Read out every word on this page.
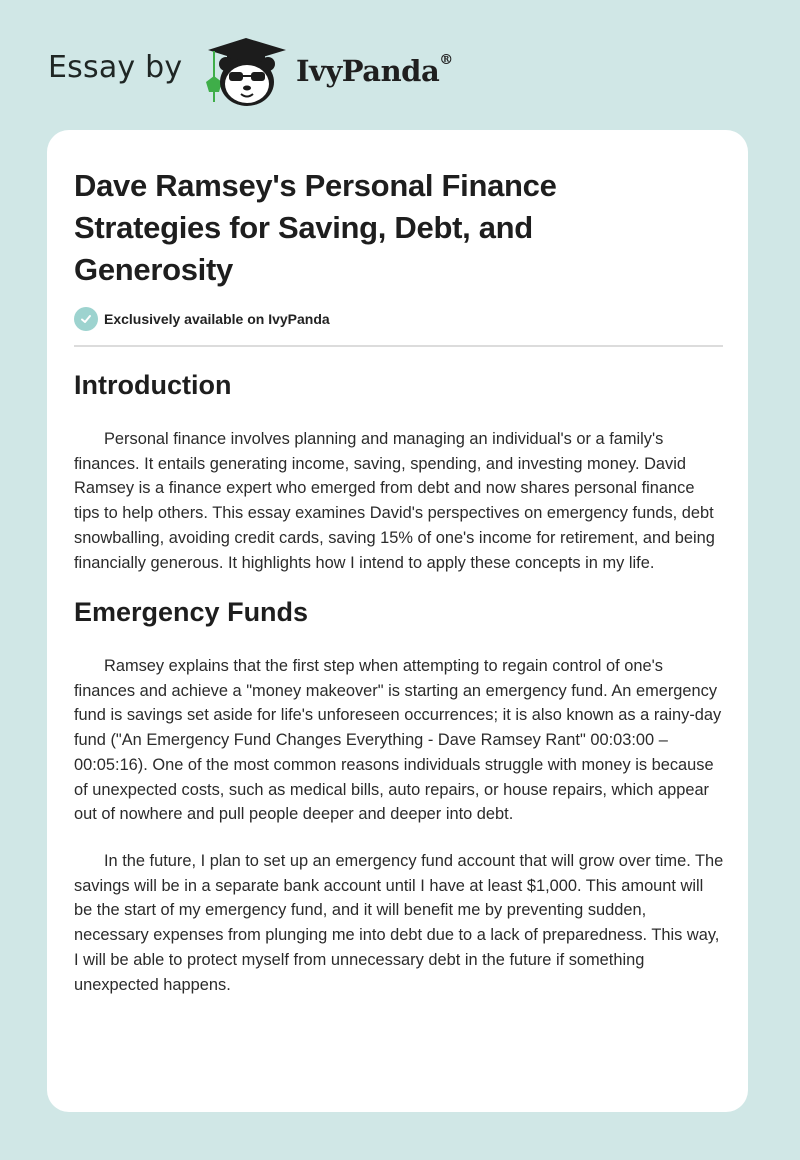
Essay by	IvyPanda®
Dave Ramsey's Personal Finance Strategies for Saving, Debt, and Generosity
Exclusively available on IvyPanda
Introduction

Personal finance involves planning and managing an individual's or a family's finances. It entails generating income, saving, spending, and investing money. David Ramsey is a finance expert who emerged from debt and now shares personal finance tips to help others. This essay examines David's perspectives on emergency funds, debt snowballing, avoiding credit cards, saving 15% of one's income for retirement, and being financially generous. It highlights how I intend to apply these concepts in my life.

Emergency Funds

Ramsey explains that the first step when attempting to regain control of one's finances and achieve a "money makeover" is starting an emergency fund. An emergency fund is savings set aside for life's unforeseen occurrences; it is also known as a rainy-day fund ("An Emergency Fund Changes Everything - Dave Ramsey Rant" 00:03:00 – 00:05:16). One of the most common reasons individuals struggle with money is because of unexpected costs, such as medical bills, auto repairs, or house repairs, which appear out of nowhere and pull people deeper and deeper into debt.

In the future, I plan to set up an emergency fund account that will grow over time. The savings will be in a separate bank account until I have at least $1,000. This amount will be the start of my emergency fund, and it will benefit me by preventing sudden, necessary expenses from plunging me into debt due to a lack of preparedness. This way, I will be able to protect myself from unnecessary debt in the future if something unexpected happens.
